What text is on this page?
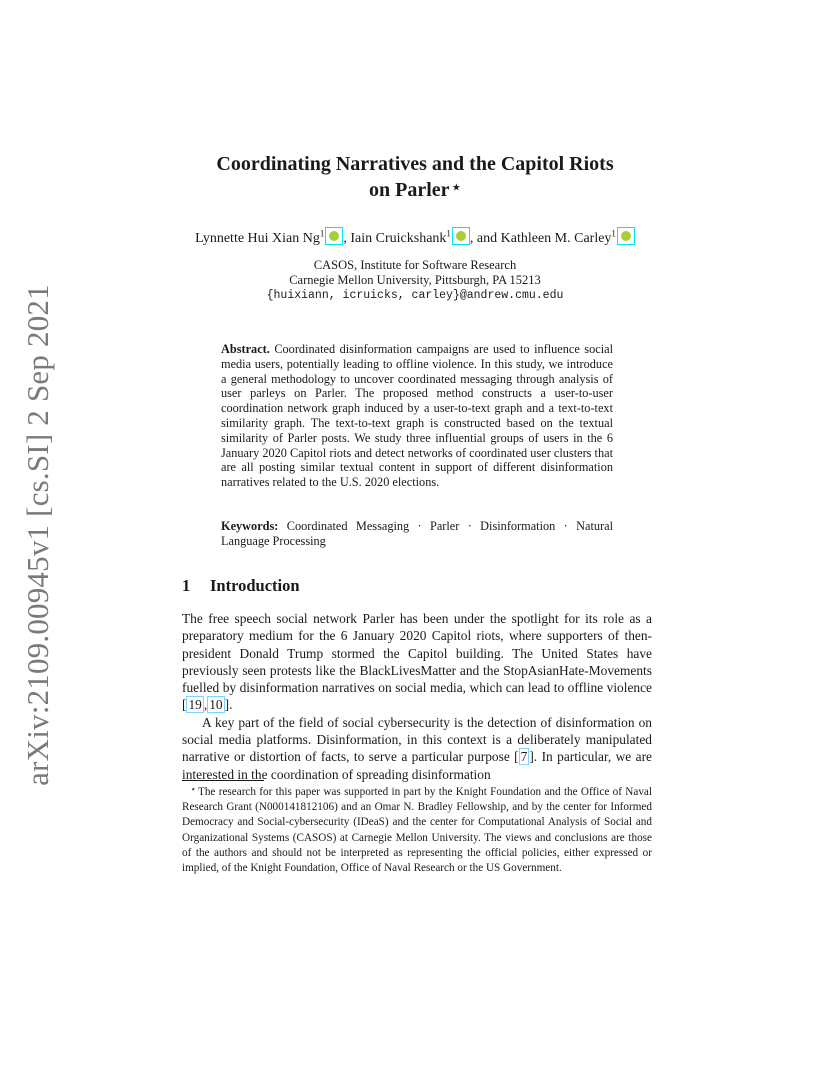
arXiv:2109.00945v1 [cs.SI] 2 Sep 2021
Coordinating Narratives and the Capitol Riots
on Parler ⋆
Lynnette Hui Xian Ng$^1$ , Iain Cruickshank$^1$ , and Kathleen M. Carley$^1$
CASOS, Institute for Software Research
Carnegie Mellon University, Pittsburgh, PA 15213
{huixiann, icruicks, carley}@andrew.cmu.edu
Abstract. Coordinated disinformation campaigns are used to influence social media users, potentially leading to offline violence. In this study, we introduce a general methodology to uncover coordinated messaging through analysis of user parleys on Parler. The proposed method constructs a user-to-user coordination network graph induced by a user-to-text graph and a text-to-text similarity graph. The text-to-text graph is constructed based on the textual similarity of Parler posts. We study three influential groups of users in the 6 January 2020 Capitol riots and detect networks of coordinated user clusters that are all posting similar textual content in support of different disinformation narratives related to the U.S. 2020 elections.
Keywords: Coordinated Messaging · Parler · Disinformation · Natural Language Processing
1 Introduction

The free speech social network Parler has been under the spotlight for its role as a preparatory medium for the 6 January 2020 Capitol riots, where supporters of then-president Donald Trump stormed the Capitol building. The United States have previously seen protests like the BlackLivesMatter and the StopAsianHate-Movements fuelled by disinformation narratives on social media, which can lead to offline violence [ 19 , 10 ].

A key part of the field of social cybersecurity is the detection of disinformation on social media platforms. Disinformation, in this context is a deliberately manipulated narrative or distortion of facts, to serve a particular purpose [ 7 ]. In particular, we are interested in the coordination of spreading disinformation

⋆ The research for this paper was supported in part by the Knight Foundation and the Office of Naval Research Grant (N000141812106) and an Omar N. Bradley Fellowship, and by the center for Informed Democracy and Social-cybersecurity (IDeaS) and the center for Computational Analysis of Social and Organizational Systems (CASOS) at Carnegie Mellon University. The views and conclusions are those of the authors and should not be interpreted as representing the official policies, either expressed or implied, of the Knight Foundation, Office of Naval Research or the US Government.
